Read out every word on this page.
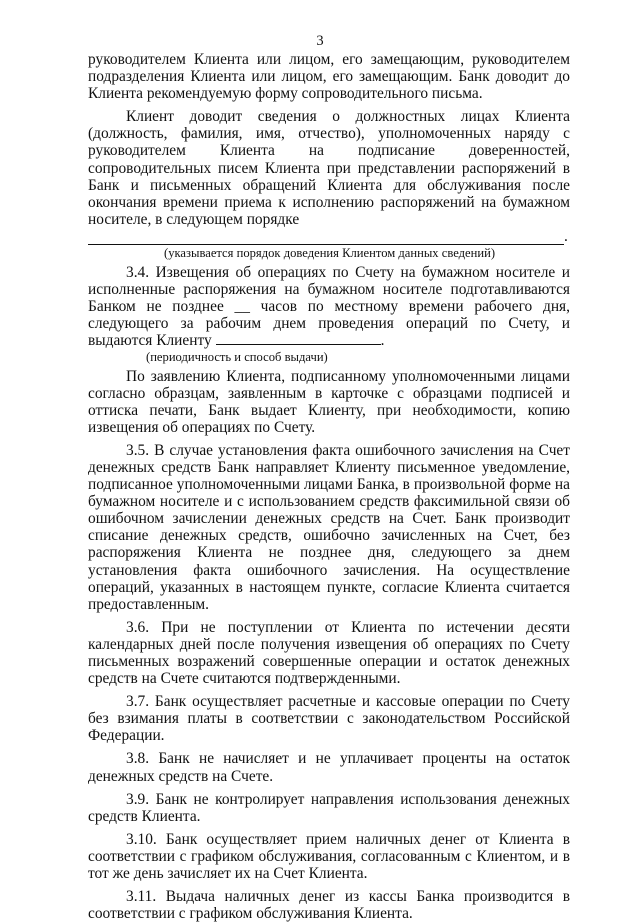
3

руководителем Клиента или лицом, его замещающим, руководителем подразделения Клиента или лицом, его замещающим. Банк доводит до Клиента рекомендуемую форму сопроводительного письма.

Клиент доводит сведения о должностных лицах Клиента (должность, фамилия, имя, отчество), уполномоченных наряду с руководителем Клиента на подписание доверенностей, сопроводительных писем Клиента при представлении распоряжений в Банк и письменных обращений Клиента для обслуживания после окончания времени приема к исполнению распоряжений на бумажном носителе, в следующем порядке

.
(указывается порядок доведения Клиентом данных сведений)

3.4. Извещения об операциях по Счету на бумажном носителе и исполненные распоряжения на бумажном носителе подготавливаются Банком не позднее __ часов по местному времени рабочего дня, следующего за рабочим днем проведения операций по Счету, и выдаются Клиенту	.

(периодичность и способ выдачи)

По заявлению Клиента, подписанному уполномоченными лицами согласно образцам, заявленным в карточке с образцами подписей и оттиска печати, Банк выдает Клиенту, при необходимости, копию извещения об операциях по Счету.

3.5. В случае установления факта ошибочного зачисления на Счет денежных средств Банк направляет Клиенту письменное уведомление, подписанное уполномоченными лицами Банка, в произвольной форме на бумажном носителе и с использованием средств факсимильной связи об ошибочном зачислении денежных средств на Счет. Банк производит списание денежных средств, ошибочно зачисленных на Счет, без распоряжения Клиента не позднее дня, следующего за днем установления факта ошибочного зачисления. На осуществление операций, указанных в настоящем пункте, согласие Клиента считается предоставленным.

3.6. При не поступлении от Клиента по истечении десяти календарных дней после получения извещения об операциях по Счету письменных возражений совершенные операции и остаток денежных средств на Счете считаются подтвержденными.

3.7. Банк осуществляет расчетные и кассовые операции по Счету без взимания платы в соответствии с законодательством Российской Федерации.

3.8. Банк не начисляет и не уплачивает проценты на остаток денежных средств на Счете.

3.9. Банк не контролирует направления использования денежных средств Клиента.

3.10. Банк осуществляет прием наличных денег от Клиента в соответствии с графиком обслуживания, согласованным с Клиентом, и в тот же день зачисляет их на Счет Клиента.

3.11. Выдача наличных денег из кассы Банка производится в соответствии с графиком обслуживания Клиента.
